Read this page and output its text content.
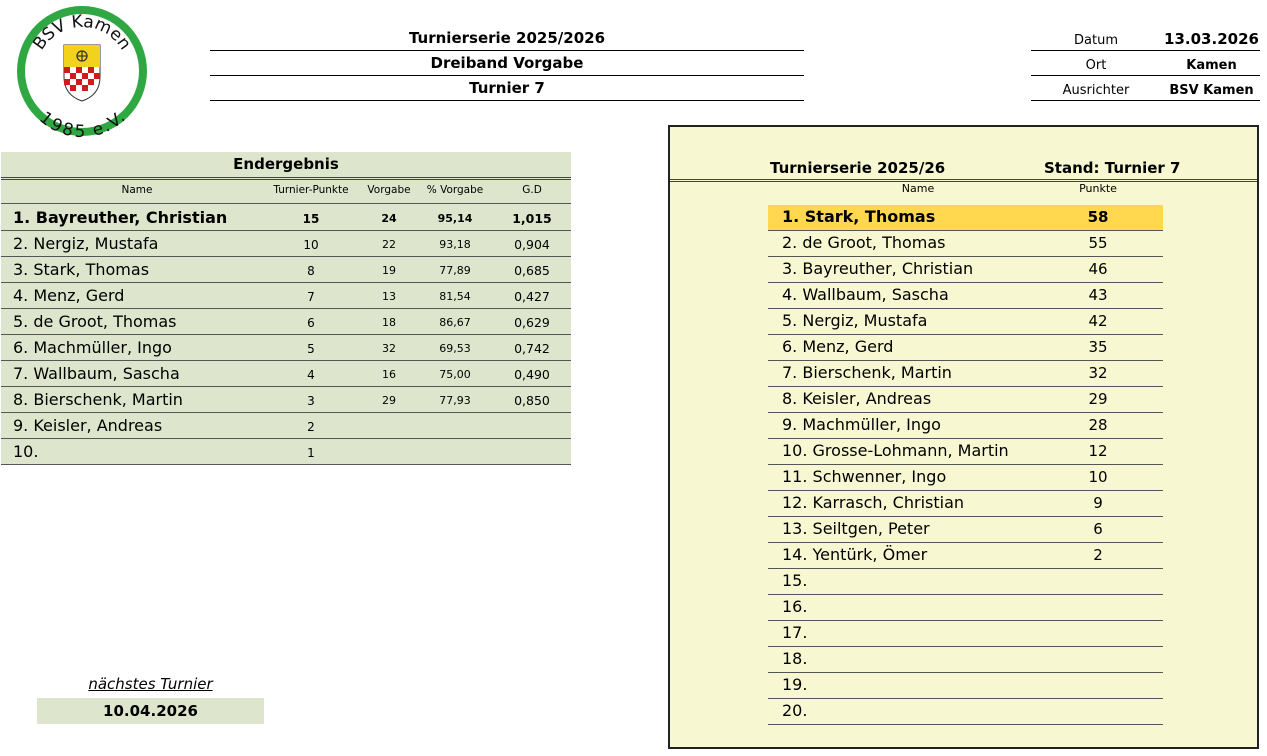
BSV Kamen
1985 e.V.
Turnierserie 2025/2026
Dreiband Vorgabe
Turnier 7
Datum	13.03.2026
Ort	Kamen
Ausrichter	BSV Kamen
Endergebnis
Name	Turnier-Punkte	Vorgabe	% Vorgabe	G.D
1. Bayreuther, Christian	15	24	95,14	1,015
2. Nergiz, Mustafa	10	22	93,18	0,904
3. Stark, Thomas	8	19	77,89	0,685
4. Menz, Gerd	7	13	81,54	0,427
5. de Groot, Thomas	6	18	86,67	0,629
6. Machmüller, Ingo	5	32	69,53	0,742
7. Wallbaum, Sascha	4	16	75,00	0,490
8. Bierschenk, Martin	3	29	77,93	0,850
9. Keisler, Andreas	2
10.	1
nächstes Turnier
10.04.2026
Turnierserie 2025/26	Stand: Turnier 7
Name	Punkte
1. Stark, Thomas	58
2. de Groot, Thomas	55
3. Bayreuther, Christian	46
4. Wallbaum, Sascha	43
5. Nergiz, Mustafa	42
6. Menz, Gerd	35
7. Bierschenk, Martin	32
8. Keisler, Andreas	29
9. Machmüller, Ingo	28
10. Grosse-Lohmann, Martin	12
11. Schwenner, Ingo	10
12. Karrasch, Christian	9
13. Seiltgen, Peter	6
14. Yentürk, Ömer	2
15.
16.
17.
18.
19.
20.
